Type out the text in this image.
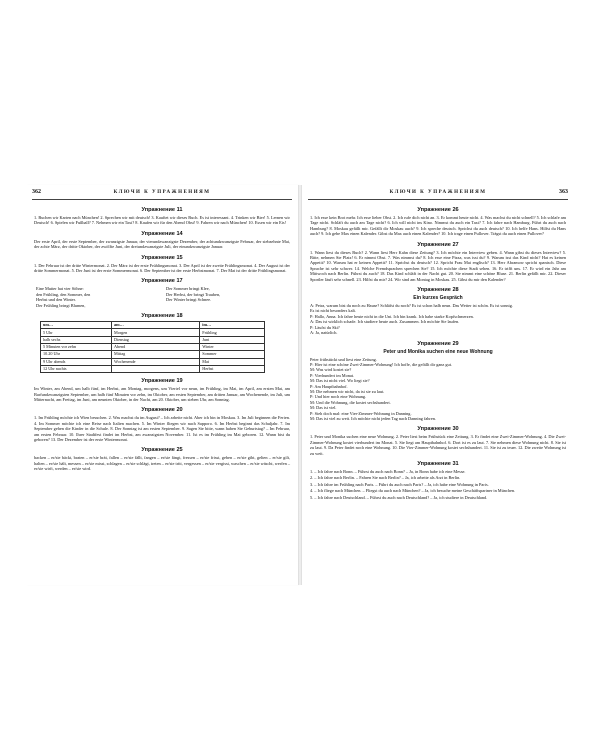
362	КЛЮЧИ К УПРАЖНЕНИЯМ
Упражнение 11

1. Buchen wir Karten nach München! 2. Sprechen wir mit deutsch! 3. Kauftet wir dieses Buch. Es ist interessant. 4. Trinken wir Bier! 5. Lernen wir Deutsch! 6. Spielen wir Fußball? 7. Nehmen wir ein Taxi? 8. Kaufen wir für den Abend Obst! 9. Fahren wir nach München! 10. Essen wir ein Eis!

Упражнение 14

Der erste April, der erste September, der zwanzigste Januar, der vierundzwanzigste Dezember, der achtundzwanzigste Februar, der siebzehnte Mai, der achte März, der dritte Oktober, der zwölfte Juni, der dreiundzwanzigste Juli, der einundzwanzigste Januar.

Упражнение 15

1. Der Februar ist der dritte Wintermonat. 2. Der März ist der erste Frühlingsmonat. 3. Der April ist der zweite Frühlingsmonat. 4. Der August ist der dritte Sommermonat. 5. Der Juni ist der erste Sommermonat. 6. Der September ist der erste Herbstmonat. 7. Der Mai ist der dritte Frühlingsmonat.

Упражнение 17
Eine Mutter hat vier Söhne:
den Frühling, den Sommer, den Herbst und den Winter.
Der Frühling bringt Blumen,
Der Sommer bringt Klee,
Der Herbst, der bringt Trauben,
Der Winter bringt Schnee.
Упражнение 18
um…	am…	im…
5 Uhr	Morgen	Frühling
halb sechs	Dienstag	Juni
5 Minuten vor zehn	Abend	Winter
10.20 Uhr	Mittag	Sommer
9 Uhr abends	Wochenende	Mai
12 Uhr nachts		Herbst
Упражнение 19

Im Winter, am Abend, um halb fünf, im Herbst, am Montag, morgens, um Viertel vor neun, im Frühling, im Mai, im April, am ersten Mai, am Barfundzwanzigsten September, um halb fünf Minuten vor zehn, im Oktober, am ersten September, am dritten Januar, am Wochenende, im Juli, um Mitternacht, am Freitag, im Juni, am neunten Oktober, in der Nacht, am 20. Oktober, um sieben Uhr, am Sonntag.

Упражнение 20

1. Im Frühling möchte ich Wien besuchen. 2. Was machst du im August? – Ich arbeite nicht. Aber ich bin in Moskau. 3. Im Juli beginnen die Ferien. 4. Im Sommer möchte ich eine Reise nach Italien machen. 5. Im Winter fliegen wir nach Sapporo. 6. Im Herbst beginnt das Schuljahr. 7. Im September gehen die Kinder in die Schule. 8. Der Sonntag ist am ersten September. 9. Sagen Sie bitte, wann haben Sie Geburtstag? – Im Februar, am ersten Februar. 10. Ihrer Stadtfest findet im Herbst, am zwanzigsten November. 11. Ist es im Frühling im Mai geboren. 12. Wann bist du geboren? 13. Der Dezember ist der erste Wintermonat.

Упражнение 25

backen – er/sie bäckt, braten – er/sie brät, fallen – er/sie fällt, fangen – er/sie fängt, fressen – er/sie frisst, geben – er/sie gibt, gelten – er/sie gilt, halten – er/sie hält, messen – er/sie misst, schlagen – er/sie schlägt, treten – er/sie tritt, vergessen – er/sie vergisst, waschen – er/sie wäscht, werfen – er/sie wirft, werden – er/sie wird.

КЛЮЧИ К УПРАЖНЕНИЯМ	363
Упражнение 26

1. Ich esse kein Brot mehr. Ich esse lieber Obst. 2. Ich rufe dich nicht an. 3. Er kommt heute nicht. 4. Was machst du nicht schnell? 5. Ich schlafe am Tage nicht. Schläft du auch am Tage nicht? 6. Ich will nicht ins Kino. Nimmst du auch ein Taxi? 7. Ich fahre nach Hamburg. Führt du auch nach Hamburg? 8. Moskau gefällt mir. Gefällt dir Moskau auch? 9. Ich spreche deutsch. Sprichst du auch deutsch? 10. Ich helfe Hans. Hilfst du Hans auch? 9. Ich gebe Max einen Kalender. Gibst du Max auch einen Kalender? 10. Ich trage einen Pullover. Trägst du auch einen Pullover?

Упражнение 27

1. Wann liest du dieses Buch? 2. Wann liest Herr Kahn diese Zeitung? 3. Ich möchte ein Interview geben. 4. Wann gibst du dieses Interview? 5. Bitte, nehmen Sie Platz! 6. Er nimmt Obst. 7. Was nimmst du? 8. Ich esse eine Pizza, was isst du? 9. Warum isst das Kind nicht? Hat es keinen Appetit? 10. Warum hat er keinen Appetit? 11. Sprichst du deutsch? 12. Spricht Frau Mai englisch? 13. Herr Abramow spricht spanisch. Diese Sprache ist sehr schwer. 14. Welche Fremdsprachen sprechen Sie? 15. Ich möchte diese Stadt sehen. 16. Er trifft uns. 17. Er wird ein Jahr am Mittwoch nach Berlin. Führst du auch? 18. Das Kind schläft in der Nacht gut. 20. Sie nimmt eine schöne Bluse. 21. Berlin gefällt mir. 22. Dieser Sportler läuft sehr schnell. 23. Hilfst du mir? 24. Wir sind am Montag in Moskau. 25. Gibst du mir den Kalender?

Упражнение 28
Ein kurzes Gespräch

A: Petra, warum bist du noch zu Hause? Schläfst du noch? Es ist schon halb neun. Das Wetter ist schön. Es ist sonnig.

Es ist nicht besonders kalt.

P: Hallo, Anna. Ich fahre heute nicht in die Uni. Ich bin krank. Ich habe starke Kopfschmerzen.

A: Das ist wirklich schade. Ich studiere heute auch. Zusammen. Ich möchte Sie laufen.

P: Läufst du Ski?

A: Ja, natürlich.

Упражнение 29
Peter und Monika suchen eine neue Wohnung

Peter frühstückt und liest eine Zeitung.

P: Hier ist eine schöne Zwei-Zimmer-Wohnung! Ich hoffe, die gefällt dir ganz gut.

M: Was wird kostet sie?

P: Vierhundert im Monat.

M: Das ist nicht viel. Wo liegt sie?

P: Am Hauptbahnhof.

M: Die nehmen wir nicht, da ist sie zu laut.

P: Und hier noch eine Wohnung.

M: Und die Wohnung, die kostet sechshundert.

M: Das ist viel.

P: Sieh doch mal: eine Vier-Zimmer-Wohnung in Danning.

M: Das ist viel zu weit. Ich möchte nicht jeden Tag nach Danning fahren.

Упражнение 30

1. Peter und Monika suchen eine neue Wohnung. 2. Peter liest beim Frühstück eine Zeitung. 3. Er findet eine Zwei-Zimmer-Wohnung. 4. Die Zwei-Zimmer-Wohnung kostet vierhundert im Monat. 5. Sie liegt am Hauptbahnhof. 6. Dort ist es zu laut. 7. Sie nehmen diese Wohnung nicht. 8. Sie ist zu laut. 9. Da Peter findet noch eine Wohnung. 10. Die Vier-Zimmer-Wohnung kostet sechshundert. 11. Sie ist zu teuer. 12. Die zweite Wohnung ist zu weit.

Упражнение 31

1. – Ich fahre nach Bonn. – Führst du auch nach Bonn? – Ja, in Bonn habe ich eine Messe.

2. – Ich fahre nach Berlin. – Fahren Sie nach Berlin? – Ja, ich arbeite als Arzt in Berlin.

3. – Ich fahre im Frühling nach Paris. – Führt du auch nach Paris? – Ja, ich habe eine Wohnung in Paris.

4. – Ich fliege nach München. – Fliegst du auch nach München? – Ja, ich besuche meine Geschäftspartner in München.

5. – Ich fahre nach Deutschland. – Führst du auch nach Deutschland? – Ja, ich studiere in Deutschland.
